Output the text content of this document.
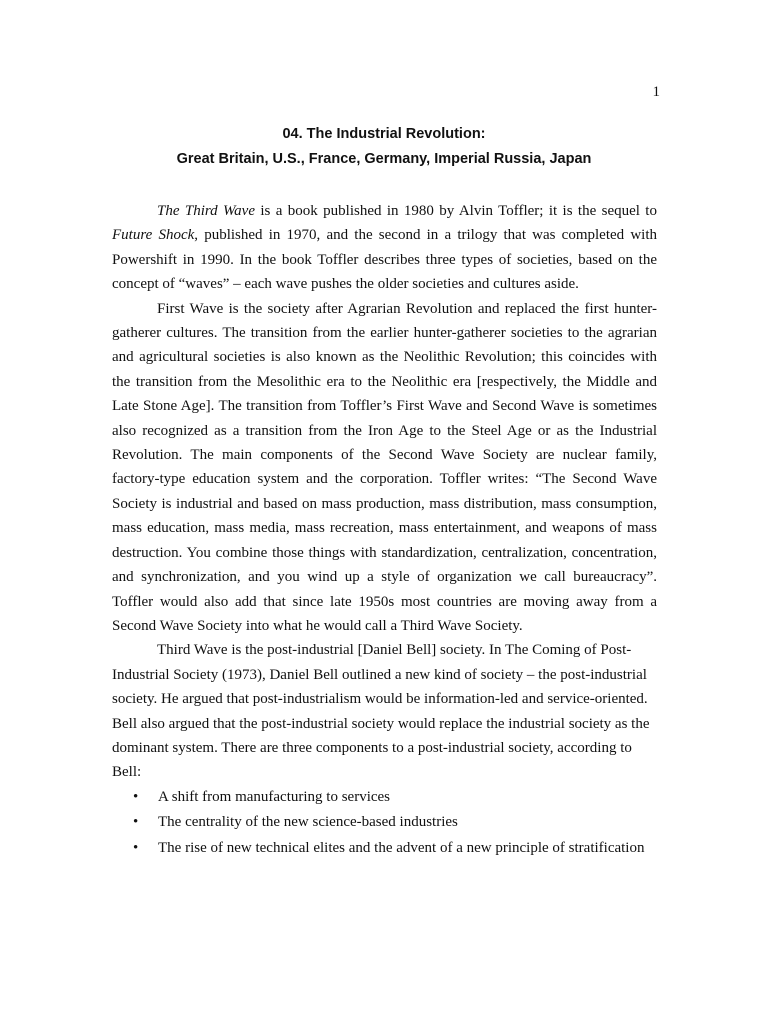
1
04. The Industrial Revolution:
Great Britain, U.S., France, Germany, Imperial Russia, Japan

The Third Wave is a book published in 1980 by Alvin Toffler; it is the sequel to Future Shock, published in 1970, and the second in a trilogy that was completed with Powershift in 1990. In the book Toffler describes three types of societies, based on the concept of “waves” – each wave pushes the older societies and cultures aside.

First Wave is the society after Agrarian Revolution and replaced the first hunter-gatherer cultures. The transition from the earlier hunter-gatherer societies to the agrarian and agricultural societies is also known as the Neolithic Revolution; this coincides with the transition from the Mesolithic era to the Neolithic era [respectively, the Middle and Late Stone Age]. The transition from Toffler’s First Wave and Second Wave is sometimes also recognized as a transition from the Iron Age to the Steel Age or as the Industrial Revolution. The main components of the Second Wave Society are nuclear family, factory-type education system and the corporation. Toffler writes: “The Second Wave Society is industrial and based on mass production, mass distribution, mass consumption, mass education, mass media, mass recreation, mass entertainment, and weapons of mass destruction. You combine those things with standardization, centralization, concentration, and synchronization, and you wind up a style of organization we call bureaucracy”. Toffler would also add that since late 1950s most countries are moving away from a Second Wave Society into what he would call a Third Wave Society.

Third Wave is the post-industrial [Daniel Bell] society. In The Coming of Post-Industrial Society (1973), Daniel Bell outlined a new kind of society – the post-industrial society. He argued that post-industrialism would be information-led and service-oriented. Bell also argued that the post-industrial society would replace the industrial society as the dominant system. There are three components to a post-industrial society, according to Bell:

• A shift from manufacturing to services
• The centrality of the new science-based industries
• The rise of new technical elites and the advent of a new principle of stratification
